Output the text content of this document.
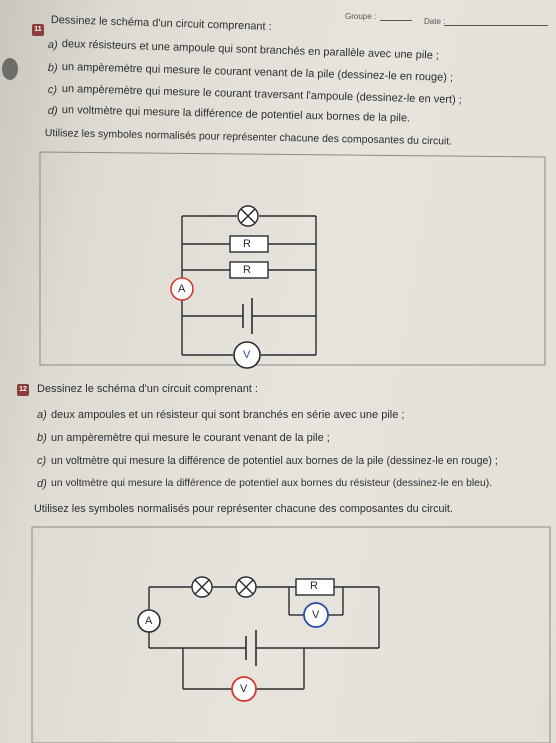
Groupe :
Date :
11 Dessinez le schéma d'un circuit comprenant :
a) deux résisteurs et une ampoule qui sont branchés en parallèle avec une pile ;
b) un ampèremètre qui mesure le courant venant de la pile (dessinez-le en rouge) ;
c) un ampèremètre qui mesure le courant traversant l'ampoule (dessinez-le en vert) ;
d) un voltmètre qui mesure la différence de potentiel aux bornes de la pile.
Utilisez les symboles normalisés pour représenter chacune des composantes du circuit.
12 Dessinez le schéma d'un circuit comprenant :
a) deux ampoules et un résisteur qui sont branchés en série avec une pile ;
b) un ampèremètre qui mesure le courant venant de la pile ;
c) un voltmètre qui mesure la différence de potentiel aux bornes de la pile (dessinez-le en rouge) ;
d) un voltmètre qui mesure la différence de potentiel aux bornes du résisteur (dessinez-le en bleu).
Utilisez les symboles normalisés pour représenter chacune des composantes du circuit.
R
R
A
V
R
A	V
V
